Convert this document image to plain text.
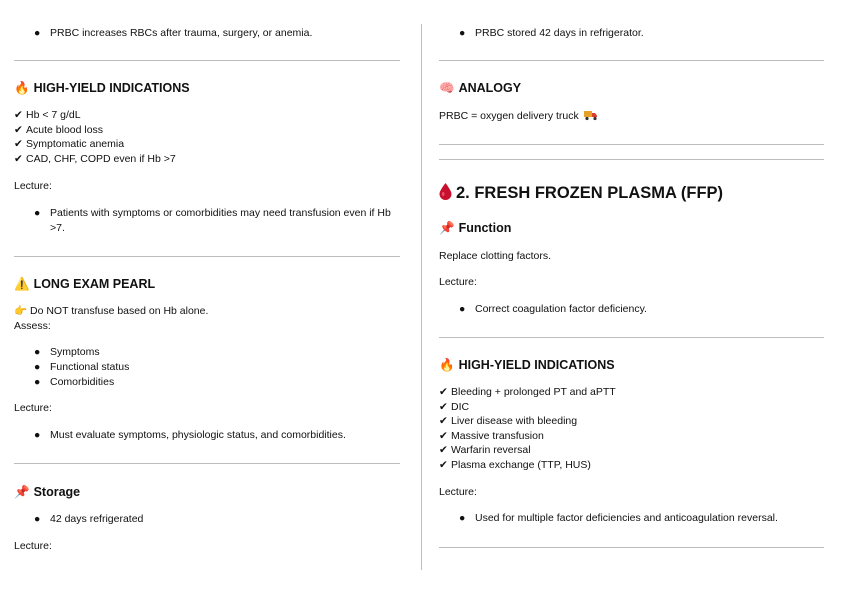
● PRBC increases RBCs after trauma, surgery, or anemia.
🔥 HIGH-YIELD INDICATIONS
✔ Hb < 7 g/dL
✔ Acute blood loss
✔ Symptomatic anemia
✔ CAD, CHF, COPD even if Hb >7
Lecture:
● Patients with symptoms or comorbidities may need transfusion even if Hb >7.
⚠️ LONG EXAM PEARL
👉 Do NOT transfuse based on Hb alone.
Assess:
● Symptoms
● Functional status
● Comorbidities
Lecture:
● Must evaluate symptoms, physiologic status, and comorbidities.
📌 Storage
● 42 days refrigerated
Lecture:
● PRBC stored 42 days in refrigerator.
🧠 ANALOGY
PRBC = oxygen delivery truck
2. FRESH FROZEN PLASMA (FFP)
📌 Function
Replace clotting factors.
Lecture:
● Correct coagulation factor deficiency.
🔥 HIGH-YIELD INDICATIONS
✔ Bleeding + prolonged PT and aPTT
✔ DIC
✔ Liver disease with bleeding
✔ Massive transfusion
✔ Warfarin reversal
✔ Plasma exchange (TTP, HUS)
Lecture:
● Used for multiple factor deficiencies and anticoagulation reversal.
